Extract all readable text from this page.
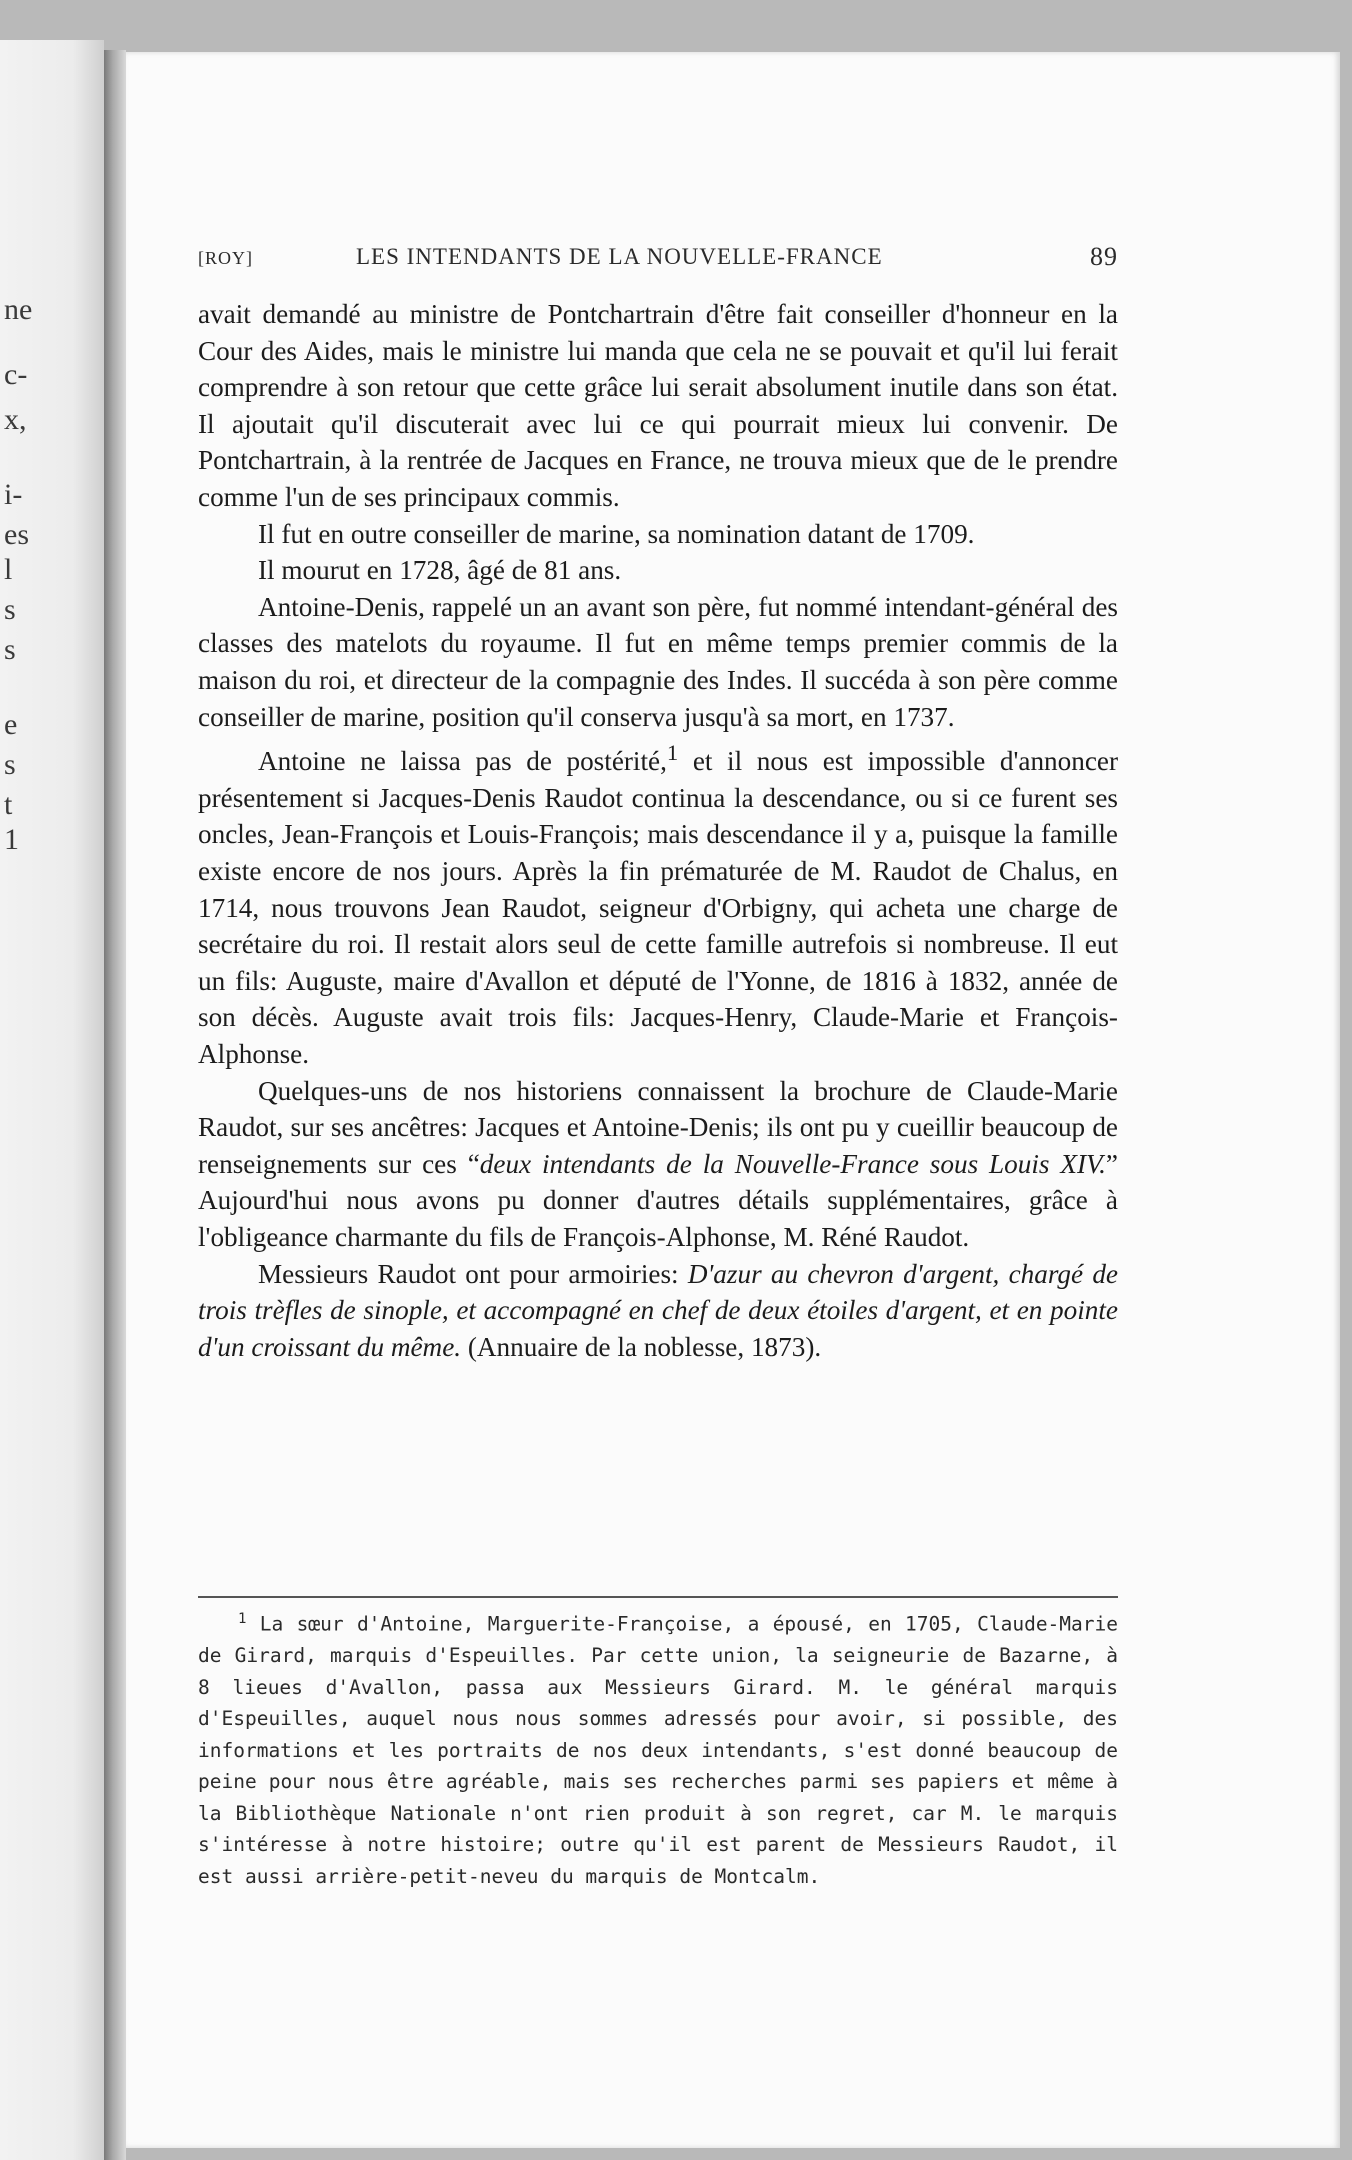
ne
c-
x,
i-
es
l
s
s
e
s
t
1
[ROY]	LES INTENDANTS DE LA NOUVELLE-FRANCE	89

avait demandé au ministre de Pontchartrain d'être fait conseiller d'honneur en la Cour des Aides, mais le ministre lui manda que cela ne se pouvait et qu'il lui ferait comprendre à son retour que cette grâce lui serait absolument inutile dans son état. Il ajoutait qu'il discuterait avec lui ce qui pourrait mieux lui convenir. De Pontchartrain, à la rentrée de Jacques en France, ne trouva mieux que de le prendre comme l'un de ses principaux commis.

Il fut en outre conseiller de marine, sa nomination datant de 1709.

Il mourut en 1728, âgé de 81 ans.

Antoine-Denis, rappelé un an avant son père, fut nommé intendant-général des classes des matelots du royaume. Il fut en même temps premier commis de la maison du roi, et directeur de la compagnie des Indes. Il succéda à son père comme conseiller de marine, position qu'il conserva jusqu'à sa mort, en 1737.

Antoine ne laissa pas de postérité,$^1$ et il nous est impossible d'annoncer présentement si Jacques-Denis Raudot continua la descendance, ou si ce furent ses oncles, Jean-François et Louis-François; mais descendance il y a, puisque la famille existe encore de nos jours. Après la fin prématurée de M. Raudot de Chalus, en 1714, nous trouvons Jean Raudot, seigneur d'Orbigny, qui acheta une charge de secrétaire du roi. Il restait alors seul de cette famille autrefois si nombreuse. Il eut un fils: Auguste, maire d'Avallon et député de l'Yonne, de 1816 à 1832, année de son décès. Auguste avait trois fils: Jacques-Henry, Claude-Marie et François-Alphonse.

Quelques-uns de nos historiens connaissent la brochure de Claude-Marie Raudot, sur ses ancêtres: Jacques et Antoine-Denis; ils ont pu y cueillir beaucoup de renseignements sur ces “deux intendants de la Nouvelle-France sous Louis XIV.” Aujourd'hui nous avons pu donner d'autres détails supplémentaires, grâce à l'obligeance charmante du fils de François-Alphonse, M. Réné Raudot.

Messieurs Raudot ont pour armoiries: D'azur au chevron d'argent, chargé de trois trèfles de sinople, et accompagné en chef de deux étoiles d'argent, et en pointe d'un croissant du même. (Annuaire de la noblesse, 1873).

$^1$ La sœur d'Antoine, Marguerite-Françoise, a épousé, en 1705, Claude-Marie de Girard, marquis d'Espeuilles. Par cette union, la seigneurie de Bazarne, à 8 lieues d'Avallon, passa aux Messieurs Girard. M. le général marquis d'Espeuilles, auquel nous nous sommes adressés pour avoir, si possible, des informations et les portraits de nos deux intendants, s'est donné beaucoup de peine pour nous être agréable, mais ses recherches parmi ses papiers et même à la Bibliothèque Nationale n'ont rien produit à son regret, car M. le marquis s'intéresse à notre histoire; outre qu'il est parent de Messieurs Raudot, il est aussi arrière-petit-neveu du marquis de Montcalm.
